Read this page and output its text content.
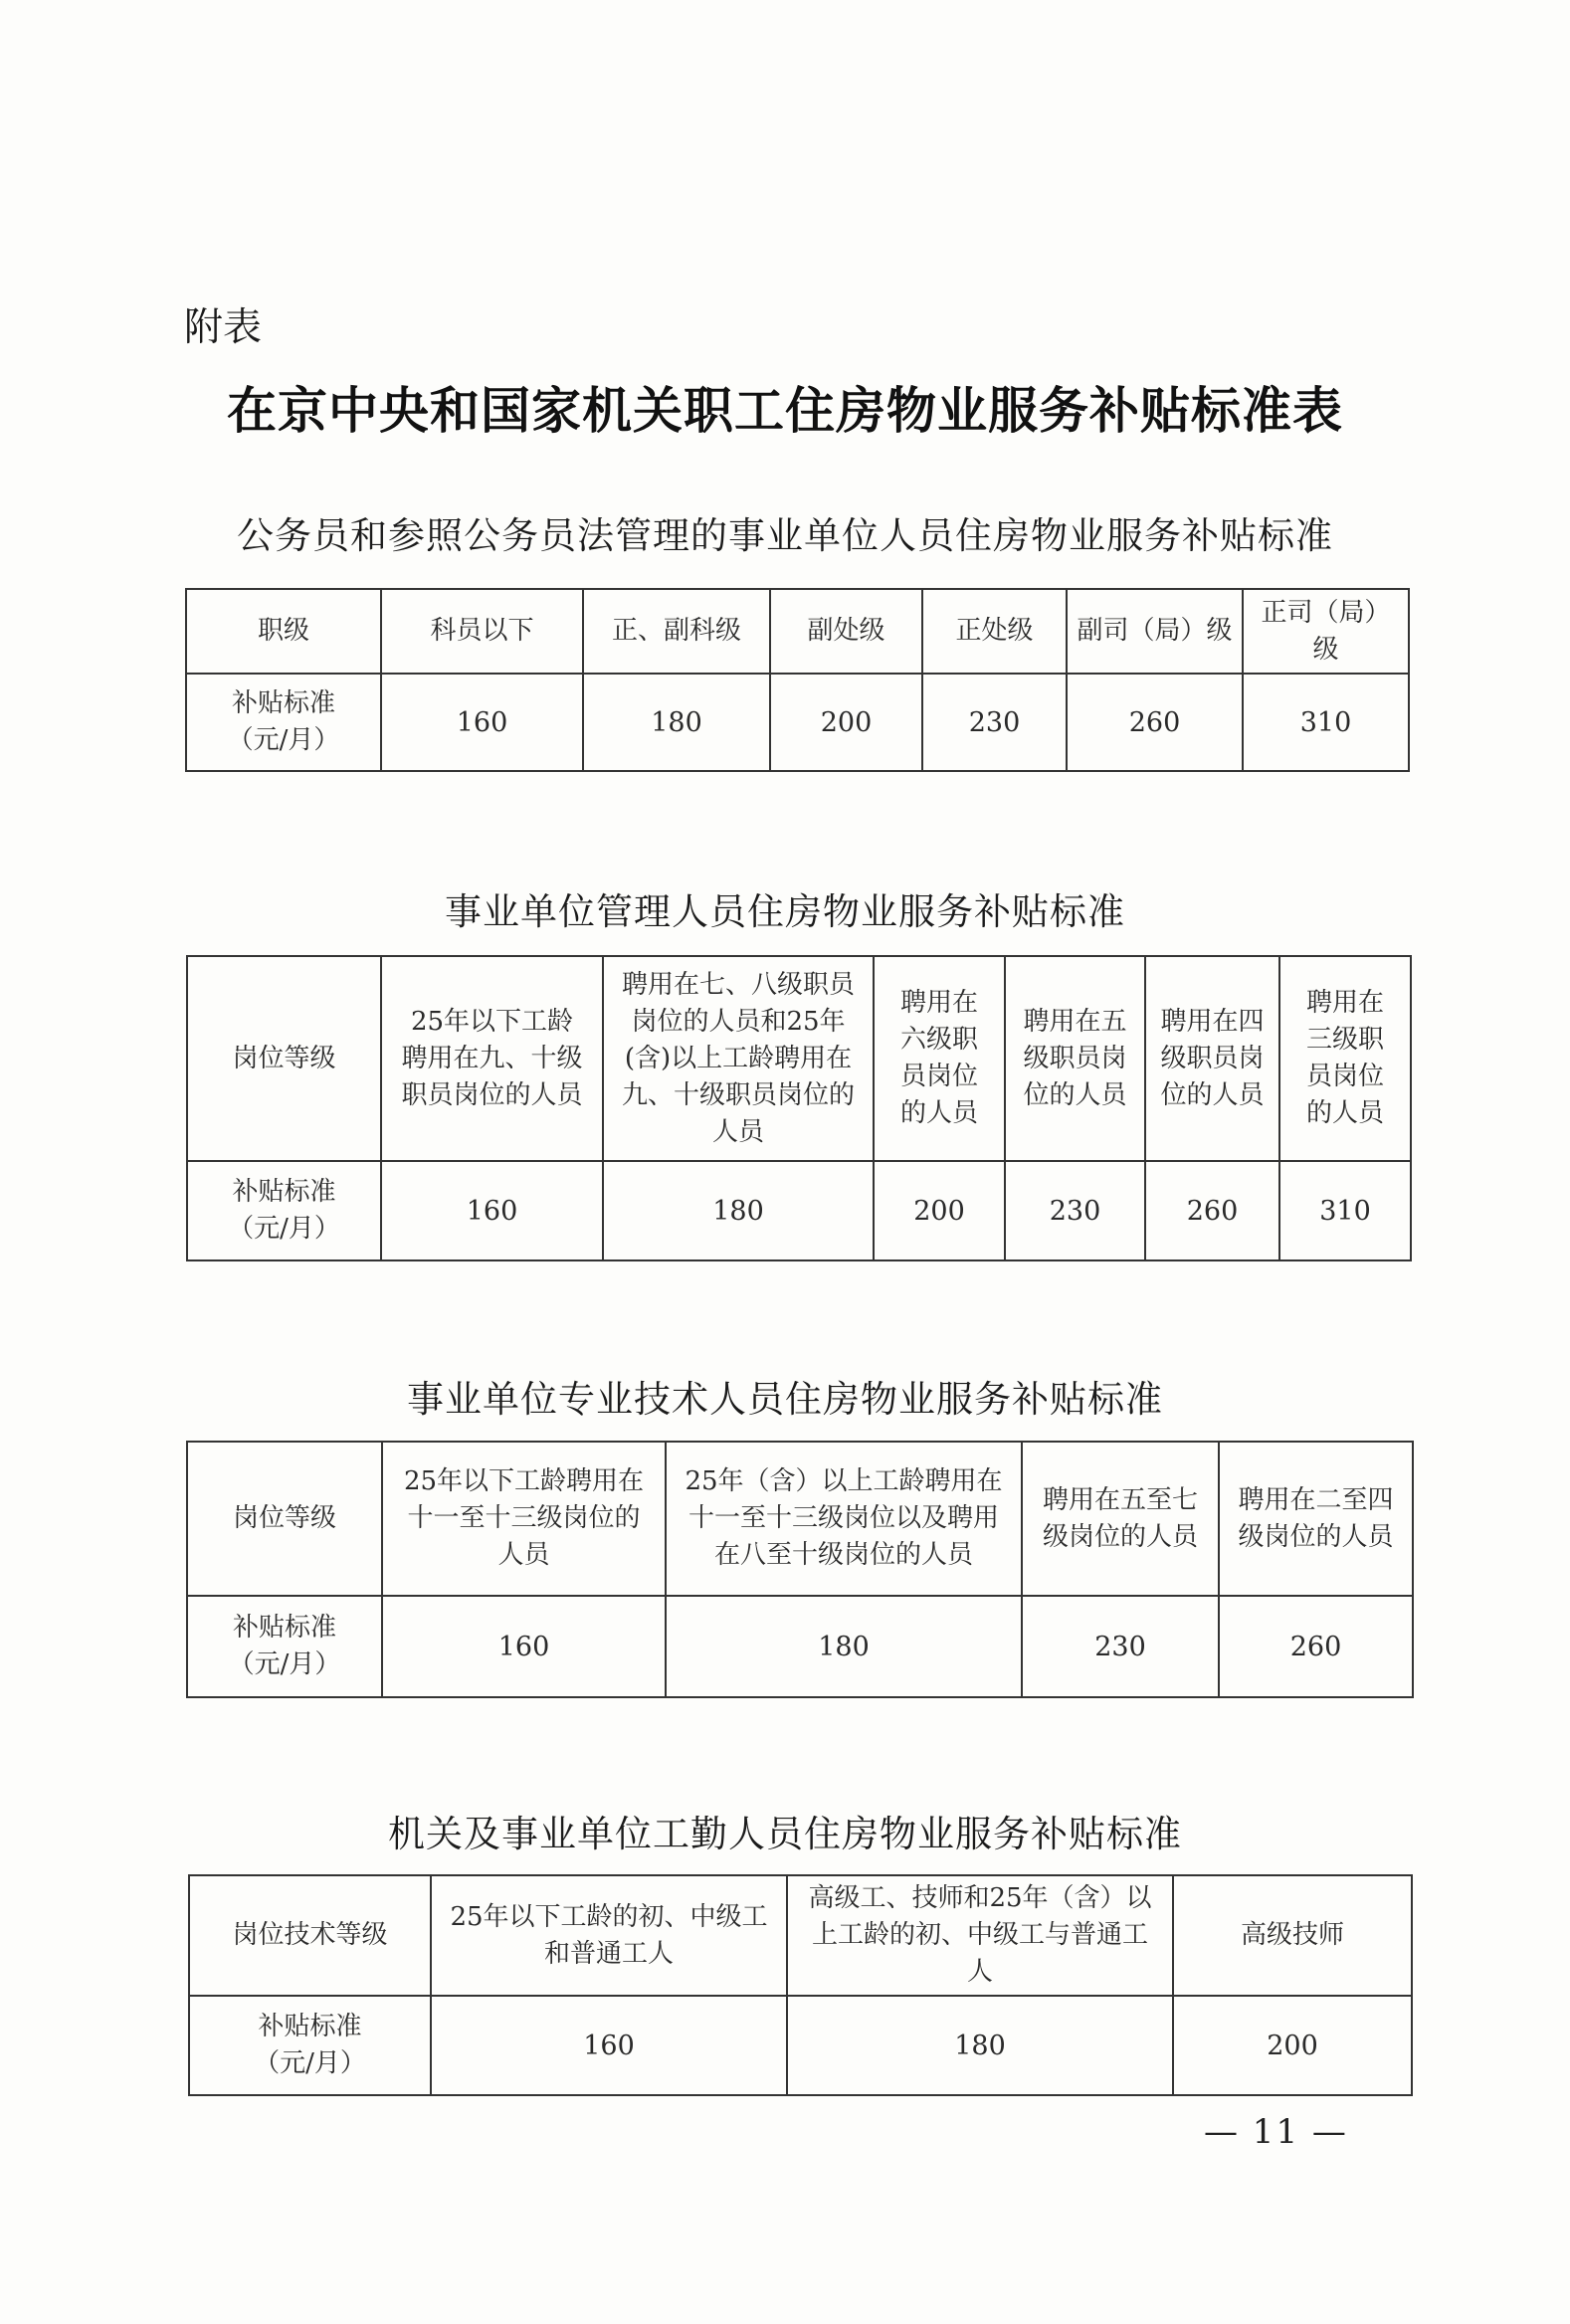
附表
在京中央和国家机关职工住房物业服务补贴标准表
公务员和参照公务员法管理的事业单位人员住房物业服务补贴标准
职级	科员以下	正、副科级	副处级	正处级	副司（局）级	正司（局）级
补贴标准
（元/月）	160	180	200	230	260	310
事业单位管理人员住房物业服务补贴标准
岗位等级	25年以下工龄聘用在九、十级职员岗位的人员	聘用在七、八级职员岗位的人员和25年(含)以上工龄聘用在九、十级职员岗位的人员	聘用在六级职员岗位的人员	聘用在五级职员岗位的人员	聘用在四级职员岗位的人员	聘用在三级职员岗位的人员
补贴标准
（元/月）	160	180	200	230	260	310
事业单位专业技术人员住房物业服务补贴标准
岗位等级	25年以下工龄聘用在十一至十三级岗位的人员	25年（含）以上工龄聘用在十一至十三级岗位以及聘用在八至十级岗位的人员	聘用在五至七级岗位的人员	聘用在二至四级岗位的人员
补贴标准
（元/月）	160	180	230	260
机关及事业单位工勤人员住房物业服务补贴标准
岗位技术等级	25年以下工龄的初、中级工和普通工人	高级工、技师和25年（含）以上工龄的初、中级工与普通工人	高级技师
补贴标准
（元/月）	160	180	200
— 11 —
